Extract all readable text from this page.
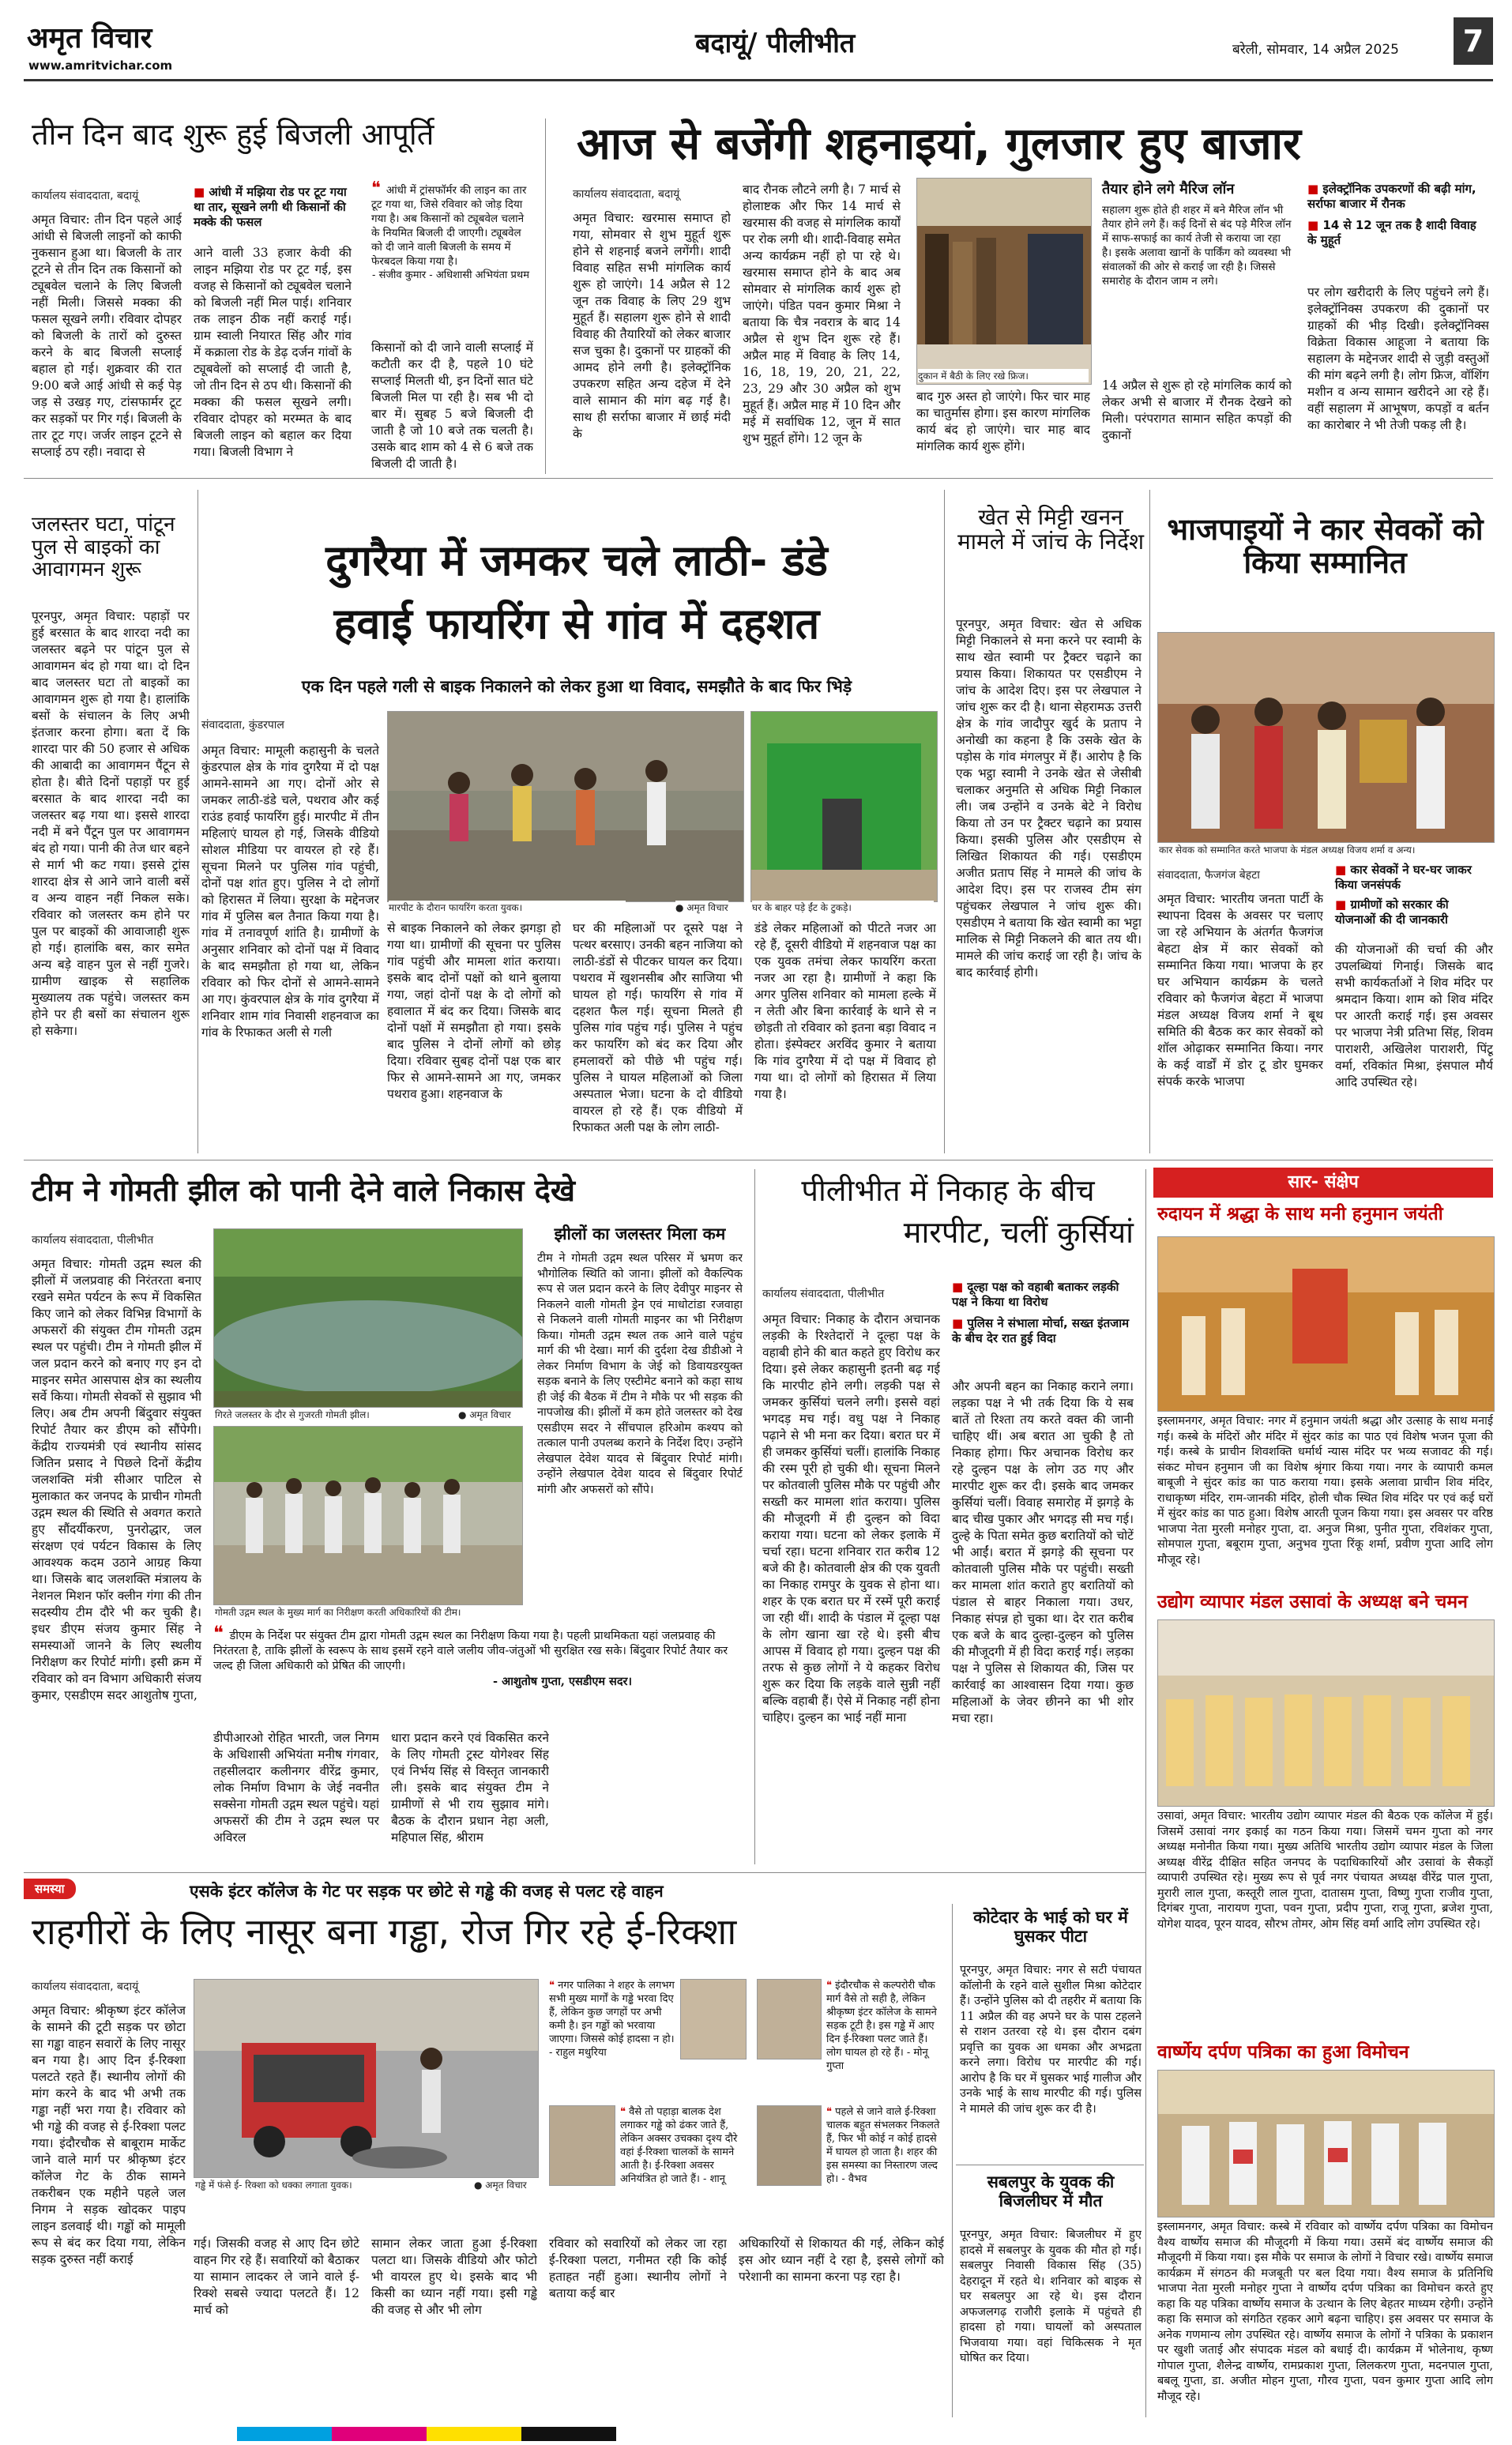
अमृत विचार
www.amritvichar.com
बदायूं/ पीलीभीत	बरेली, सोमवार, 14 अप्रैल 2025	7
तीन दिन बाद शुरू हुई बिजली आपूर्ति
कार्यालय संवाददाता, बदायूं
अमृत विचार: तीन दिन पहले आई आंधी से बिजली लाइनों को काफी नुकसान हुआ था। बिजली के तार टूटने से तीन दिन तक किसानों को ट्यूबवेल चलाने के लिए बिजली नहीं मिली। जिससे मक्का की फसल सूखने लगी। रविवार दोपहर को बिजली के तारों को दुरुस्त करने के बाद बिजली सप्लाई बहाल हो गई। शुक्रवार की रात 9:00 बजे आई आंधी से कई पेड़ जड़ से उखड़ गए, टांसफार्मर टूट कर सड़कों पर गिर गई। बिजली के तार टूट गए। जर्जर लाइन टूटने से सप्लाई ठप रही। नवादा से
■ आंधी में मझिया रोड पर टूट गया था तार, सूखने लगी थी किसानों की मक्के की फसल
आने वाली 33 हजार केवी की लाइन मझिया रोड पर टूट गई, इस वजह से किसानों को ट्यूबवेल चलाने को बिजली नहीं मिल पाई। शनिवार तक लाइन ठीक नहीं कराई गई। ग्राम स्वाली नियारत सिंह और गांव में कक्राला रोड के डेढ़ दर्जन गांवों के ट्यूबवेलों को सप्लाई दी जाती है, जो तीन दिन से ठप थी। किसानों की मक्का की फसल सूखने लगी। रविवार दोपहर को मरम्मत के बाद बिजली लाइन को बहाल कर दिया गया। बिजली विभाग ने
❝ आंधी में ट्रांसफॉर्मर की लाइन का तार टूट गया था, जिसे रविवार को जोड़ दिया गया है। अब किसानों को ट्यूबवेल चलाने के नियमित बिजली दी जाएगी। ट्यूबवेल को दी जाने वाली बिजली के समय में फेरबदल किया गया है।
- संजीव कुमार - अधिशासी अभियंता प्रथम
किसानों को दी जाने वाली सप्लाई में कटौती कर दी है, पहले 10 घंटे सप्लाई मिलती थी, इन दिनों सात घंटे बिजली मिल पा रही है। सब भी दो बार में। सुबह 5 बजे बिजली दी जाती है जो 10 बजे तक चलती है। उसके बाद शाम को 4 से 6 बजे तक बिजली दी जाती है।
आज से बजेंगी शहनाइयां, गुलजार हुए बाजार
कार्यालय संवाददाता, बदायूं
अमृत विचार: खरमास समाप्त हो गया, सोमवार से शुभ मुहूर्त शुरू होने से शहनाई बजने लगेंगी। शादी विवाह सहित सभी मांगलिक कार्य शुरू हो जाएंगे। 14 अप्रैल से 12 जून तक विवाह के लिए 29 शुभ मुहूर्त हैं। सहालग शुरू होने से शादी विवाह की तैयारियों को लेकर बाजार सज चुका है। दुकानों पर ग्राहकों की आमद होने लगी है। इलेक्ट्रॉनिक उपकरण सहित अन्य दहेज में देने वाले सामान की मांग बढ़ गई है। साथ ही सर्राफा बाजार में छाई मंदी के
बाद रौनक लौटने लगी है। 7 मार्च से होलाष्टक और फिर 14 मार्च से खरमास की वजह से मांगलिक कार्यों पर रोक लगी थी। शादी-विवाह समेत अन्य कार्यक्रम नहीं हो पा रहे थे। खरमास समाप्त होने के बाद अब सोमवार से मांगलिक कार्य शुरू हो जाएंगे। पंडित पवन कुमार मिश्रा ने बताया कि चैत्र नवरात्र के बाद 14 अप्रैल से शुभ दिन शुरू रहे हैं। अप्रैल माह में विवाह के लिए 14, 16, 18, 19, 20, 21, 22, 23, 29 और 30 अप्रैल को शुभ मुहूर्त हैं। अप्रैल माह में 10 दिन और मई में सर्वाधिक 12, जून में सात शुभ मुहूर्त होंगे। 12 जून के
दुकान में बैठी के लिए रखे फ्रिज।
बाद गुरु अस्त हो जाएंगे। फिर चार माह का चातुर्मास होगा। इस कारण मांगलिक कार्य बंद हो जाएंगे। चार माह बाद मांगलिक कार्य शुरू होंगे।
तैयार होने लगे मैरिज लॉन
सहालग शुरू होते ही शहर में बने मैरिज लॉन भी तैयार होने लगे हैं। कई दिनों से बंद पड़े मैरिज लॉन में साफ-सफाई का कार्य तेजी से कराया जा रहा है। इसके अलावा खानों के पार्किंग को व्यवस्था भी संवालकों की ओर से कराई जा रही है। जिससे समारोह के दौरान जाम न लगे।
14 अप्रैल से शुरू हो रहे मांगलिक कार्य को लेकर अभी से बाजार में रौनक देखने को मिली। परंपरागत सामान सहित कपड़ों की दुकानों
■ इलेक्ट्रॉनिक उपकरणों की बढ़ी मांग, सर्राफा बाजार में रौनक
■ 14 से 12 जून तक है शादी विवाह के मुहूर्त
पर लोग खरीदारी के लिए पहुंचने लगे हैं। इलेक्ट्रॉनिक्स उपकरण की दुकानों पर ग्राहकों की भीड़ दिखी। इलेक्ट्रॉनिक्स विक्रेता विकास आहूजा ने बताया कि सहालग के मद्देनजर शादी से जुड़ी वस्तुओं की मांग बढ़ने लगी है। लोग फ्रिज, वॉशिंग मशीन व अन्य सामान खरीदने आ रहे हैं। वहीं सहालग में आभूषण, कपड़ों व बर्तन का कारोबार ने भी तेजी पकड़ ली है।
जलस्तर घटा, पांटून पुल से बाइकों का आवागमन शुरू
पूरनपुर, अमृत विचार: पहाड़ों पर हुई बरसात के बाद शारदा नदी का जलस्तर बढ़ने पर पांटून पुल से आवागमन बंद हो गया था। दो दिन बाद जलस्तर घटा तो बाइकों का आवागमन शुरू हो गया है। हालांकि बसों के संचालन के लिए अभी इंतजार करना होगा। बता दें कि शारदा पार की 50 हजार से अधिक की आबादी का आवागमन पैंटून से होता है। बीते दिनों पहाड़ों पर हुई बरसात के बाद शारदा नदी का जलस्तर बढ़ गया था। इससे शारदा नदी में बने पैंटून पुल पर आवागमन बंद हो गया। पानी की तेज धार बहने से मार्ग भी कट गया। इससे ट्रांस शारदा क्षेत्र से आने जाने वाली बसें व अन्य वाहन नहीं निकल सके। रविवार को जलस्तर कम होने पर पुल पर बाइकों की आवाजाही शुरू हो गई। हालांकि बस, कार समेत अन्य बड़े वाहन पुल से नहीं गुजरे। ग्रामीण खाइक से सहालिक मुख्यालय तक पहुंचे। जलस्तर कम होने पर ही बसों का संचालन शुरू हो सकेगा।
दुगरैया में जमकर चले लाठी- डंडे
हवाई फायरिंग से गांव में दहशत
एक दिन पहले गली से बाइक निकालने को लेकर हुआ था विवाद, समझौते के बाद फिर भिड़े
संवाददाता, कुंडरपाल
अमृत विचार: मामूली कहासुनी के चलते कुंडरपाल क्षेत्र के गांव दुगरैया में दो पक्ष आमने-सामने आ गए। दोनों ओर से जमकर लाठी-डंडे चले, पथराव और कई राउंड हवाई फायरिंग हुई। मारपीट में तीन महिलाएं घायल हो गई, जिसके वीडियो सोशल मीडिया पर वायरल हो रहे हैं। सूचना मिलने पर पुलिस गांव पहुंची, दोनों पक्ष शांत हुए। पुलिस ने दो लोगों को हिरासत में लिया। सुरक्षा के मद्देनजर गांव में पुलिस बल तैनात किया गया है। गांव में तनावपूर्ण शांति है। ग्रामीणों के अनुसार शनिवार को दोनों पक्ष में विवाद के बाद समझौता हो गया था, लेकिन रविवार को फिर दोनों से आमने-सामने आ गए। कुंवरपाल क्षेत्र के गांव दुगरैया में शनिवार शाम गांव निवासी शहनवाज का गांव के रिफाकत अली से गली
मारपीट के दौरान फायरिंग करता युवक।	● अमृत विचार	घर के बाहर पड़े ईंट के टुकड़े।
से बाइक निकालने को लेकर झगड़ा हो गया था। ग्रामीणों की सूचना पर पुलिस गांव पहुंची और मामला शांत कराया। इसके बाद दोनों पक्षों को थाने बुलाया गया, जहां दोनों पक्ष के दो लोगों को हवालात में बंद कर दिया। जिसके बाद दोनों पक्षों में समझौता हो गया। इसके बाद पुलिस ने दोनों लोगों को छोड़ दिया। रविवार सुबह दोनों पक्ष एक बार फिर से आमने-सामने आ गए, जमकर पथराव हुआ। शहनवाज के
घर की महिलाओं पर दूसरे पक्ष ने पत्थर बरसाए। उनकी बहन नाजिया को लाठी-डंडों से पीटकर घायल कर दिया। पथराव में खुशनसीब और साजिया भी घायल हो गई। फायरिंग से गांव में दहशत फैल गई। सूचना मिलते ही पुलिस गांव पहुंच गई। पुलिस ने पहुंच कर फायरिंग को बंद कर दिया और हमलावरों को पीछे भी पहुंच गई। पुलिस ने घायल महिलाओं को जिला अस्पताल भेजा। घटना के दो वीडियो वायरल हो रहे हैं। एक वीडियो में रिफाकत अली पक्ष के लोग लाठी-
डंडे लेकर महिलाओं को पीटते नजर आ रहे हैं, दूसरी वीडियो में शहनवाज पक्ष का एक युवक तमंचा लेकर फायरिंग करता नजर आ रहा है। ग्रामीणों ने कहा कि अगर पुलिस शनिवार को मामला हल्के में न लेती और बिना कार्रवाई के थाने से न छोड़ती तो रविवार को इतना बड़ा विवाद न होता। इंस्पेक्टर अरविंद कुमार ने बताया कि गांव दुगरैया में दो पक्ष में विवाद हो गया था। दो लोगों को हिरासत में लिया गया है।
खेत से मिट्टी खनन मामले में जांच के निर्देश
पूरनपुर, अमृत विचार: खेत से अधिक मिट्टी निकालने से मना करने पर स्वामी के साथ खेत स्वामी पर ट्रैक्टर चढ़ाने का प्रयास किया। शिकायत पर एसडीएम ने जांच के आदेश दिए। इस पर लेखपाल ने जांच शुरू कर दी है। थाना सेहरामऊ उत्तरी क्षेत्र के गांव जादौपुर खुर्द के प्रताप ने अनोखी का कहना है कि उसके खेत के पड़ोस के गांव मंगलपुर में हैं। आरोप है कि एक भट्ठा स्वामी ने उनके खेत से जेसीबी चलाकर अनुमति से अधिक मिट्टी निकाल ली। जब उन्होंने व उनके बेटे ने विरोध किया तो उन पर ट्रैक्टर चढ़ाने का प्रयास किया। इसकी पुलिस और एसडीएम से लिखित शिकायत की गई। एसडीएम अजीत प्रताप सिंह ने मामले की जांच के आदेश दिए। इस पर राजस्व टीम संग पहुंचकर लेखपाल ने जांच शुरू की। एसडीएम ने बताया कि खेत स्वामी का भट्टा मालिक से मिट्टी निकलने की बात तय थी। मामले की जांच कराई जा रही है। जांच के बाद कार्रवाई होगी।
भाजपाइयों ने कार सेवकों को किया सम्मानित
कार सेवक को सम्मानित करते भाजपा के मंडल अध्यक्ष विजय शर्मा व अन्य।
संवाददाता, फैजगंज बेहटा
अमृत विचार: भारतीय जनता पार्टी के स्थापना दिवस के अवसर पर चलाए जा रहे अभियान के अंतर्गत फैजगंज बेहटा क्षेत्र में कार सेवकों को सम्मानित किया गया। भाजपा के हर घर अभियान कार्यक्रम के चलते रविवार को फैजगंज बेहटा में भाजपा मंडल अध्यक्ष विजय शर्मा ने बूथ समिति की बैठक कर कार सेवकों को शॉल ओढ़ाकर सम्मानित किया। नगर के कई वार्डों में डोर टू डोर घुमकर संपर्क करके भाजपा
■ कार सेवकों ने घर-घर जाकर किया जनसंपर्क
■ ग्रामीणों को सरकार की योजनाओं की दी जानकारी
की योजनाओं की चर्चा की और उपलब्धियां गिनाई। जिसके बाद सभी कार्यकर्ताओं ने शिव मंदिर पर श्रमदान किया। शाम को शिव मंदिर पर आरती कराई गई। इस अवसर पर भाजपा नेत्री प्रतिभा सिंह, शिवम पाराशरी, अखिलेश पाराशरी, पिंटू वर्मा, रविकांत मिश्रा, इंसपाल मौर्य आदि उपस्थित रहे।
टीम ने गोमती झील को पानी देने वाले निकास देखे
कार्यालय संवाददाता, पीलीभीत
अमृत विचार: गोमती उद्गम स्थल की झीलों में जलप्रवाह की निरंतरता बनाए रखने समेत पर्यटन के रूप में विकसित किए जाने को लेकर विभिन्न विभागों के अफसरों की संयुक्त टीम गोमती उद्गम स्थल पर पहुंची। टीम ने गोमती झील में जल प्रदान करने को बनाए गए इन दो माइनर समेत आसपास क्षेत्र का स्थलीय सर्वे किया। गोमती सेवकों से सुझाव भी लिए। अब टीम अपनी बिंदुवार संयुक्त रिपोर्ट तैयार कर डीएम को सौंपेगी। केंद्रीय राज्यमंत्री एवं स्थानीय सांसद जितिन प्रसाद ने पिछले दिनों केंद्रीय जलशक्ति मंत्री सीआर पाटिल से मुलाकात कर जनपद के प्राचीन गोमती उद्गम स्थल की स्थिति से अवगत कराते हुए सौंदर्यीकरण, पुनरोद्धार, जल संरक्षण एवं पर्यटन विकास के लिए आवश्यक कदम उठाने आग्रह किया था। जिसके बाद जलशक्ति मंत्रालय के नेशनल मिशन फॉर क्लीन गंगा की तीन सदस्यीय टीम दौरे भी कर चुकी है। इधर डीएम संजय कुमार सिंह ने समस्याओं जानने के लिए स्थलीय निरीक्षण कर रिपोर्ट मांगी। इसी क्रम में रविवार को वन विभाग अधिकारी संजय कुमार, एसडीएम सदर आशुतोष गुप्ता,
गिरते जलस्तर के दौर से गुजरती गोमती झील।	● अमृत विचार
गोमती उद्गम स्थल के मुख्य मार्ग का निरीक्षण करती अधिकारियों की टीम।
झीलों का जलस्तर मिला कम
टीम ने गोमती उद्गम स्थल परिसर में भ्रमण कर भौगोलिक स्थिति को जाना। झीलों को वैकल्पिक रूप से जल प्रदान करने के लिए देवीपुर माइनर से निकलने वाली गोमती ड्रेन एवं माधोटांडा रजवाहा से निकलने वाली गोमती माइनर का भी निरीक्षण किया। गोमती उद्गम स्थल तक आने वाले पहुंच मार्ग की भी देखा। मार्ग की दुर्दशा देख डीडीओ ने लेकर निर्माण विभाग के जेई को डिवायडरयुक्त सड़क बनाने के लिए एस्टीमेट बनाने को कहा साथ ही जेई की बैठक में टीम ने मौके पर भी सड़क की नापजोख की। झीलों में कम होते जलस्तर को देख एसडीएम सदर ने सींचपाल हरिओम कश्यप को तत्काल पानी उपलब्ध कराने के निर्देश दिए। उन्होंने लेखपाल देवेश यादव से बिंदुवार रिपोर्ट मांगी। उन्होंने लेखपाल देवेश यादव से बिंदुवार रिपोर्ट मांगी और अफसरों को सौंपे।
❝ डीएम के निर्देश पर संयुक्त टीम द्वारा गोमती उद्गम स्थल का निरीक्षण किया गया है। पहली प्राथमिकता यहां जलप्रवाह की निरंतरता है, ताकि झीलों के स्वरूप के साथ इसमें रहने वाले जलीय जीव-जंतुओं भी सुरक्षित रख सके। बिंदुवार रिपोर्ट तैयार कर जल्द ही जिला अधिकारी को प्रेषित की जाएगी।
- आशुतोष गुप्ता, एसडीएम सदर।
डीपीआरओ रोहित भारती, जल निगम के अधिशासी अभियंता मनीष गंगवार, तहसीलदार कलीनगर वीरेंद्र कुमार, लोक निर्माण विभाग के जेई नवनीत सक्सेना गोमती उद्गम स्थल पहुंचे। यहां अफसरों की टीम ने उद्गम स्थल पर अविरल
धारा प्रदान करने एवं विकसित करने के लिए गोमती ट्रस्ट योगेश्वर सिंह एवं निर्भय सिंह से विस्तृत जानकारी ली। इसके बाद संयुक्त टीम ने ग्रामीणों से भी राय सुझाव मांगे। बैठक के दौरान प्रधान नेहा अली, महिपाल सिंह, श्रीराम
पीलीभीत में निकाह के बीच
मारपीट, चलीं कुर्सियां
कार्यालय संवाददाता, पीलीभीत
अमृत विचार: निकाह के दौरान अचानक लड़की के रिश्तेदारों ने दूल्हा पक्ष के वहाबी होने की बात कहते हुए विरोध कर दिया। इसे लेकर कहासुनी इतनी बढ़ गई कि मारपीट होने लगी। लड़की पक्ष से जमकर कुर्सियां चलने लगी। इससे वहां भगदड़ मच गई। वधु पक्ष ने निकाह पढ़ाने से भी मना कर दिया। बरात घर में ही जमकर कुर्सियां चलीं। हालांकि निकाह की रस्म पूरी हो चुकी थी। सूचना मिलने पर कोतवाली पुलिस मौके पर पहुंची और सख्ती कर मामला शांत कराया। पुलिस की मौजूदगी में ही दुल्हन को विदा कराया गया। घटना को लेकर इलाके में चर्चा रहा। घटना शनिवार रात करीब 12 बजे की है। कोतवाली क्षेत्र की एक युवती का निकाह रामपुर के युवक से होना था। शहर के एक बरात घर में रस्में पूरी कराई जा रही थीं। शादी के पंडाल में दूल्हा पक्ष के लोग खाना खा रहे थे। इसी बीच आपस में विवाद हो गया। दुल्हन पक्ष की तरफ से कुछ लोगों ने ये कहकर विरोध शुरू कर दिया कि लड़के वाले सुन्नी नहीं बल्कि वहाबी हैं। ऐसे में निकाह नहीं होना चाहिए। दुल्हन का भाई नहीं माना
■ दूल्हा पक्ष को वहाबी बताकर लड़की पक्ष ने किया था विरोध
■ पुलिस ने संभाला मोर्चा, सख्त इंतजाम के बीच देर रात हुई विदा
और अपनी बहन का निकाह कराने लगा। लड़का पक्ष ने भी तर्क दिया कि ये सब बातें तो रिश्ता तय करते वक्त की जानी चाहिए थीं। अब बरात आ चुकी है तो निकाह होगा। फिर अचानक विरोध कर रहे दुल्हन पक्ष के लोग उठ गए और मारपीट शुरू कर दी। इसके बाद जमकर कुर्सियां चलीं। विवाह समारोह में झगड़े के बाद चीख पुकार और भगदड़ सी मच गई। दुल्हे के पिता समेत कुछ बरातियों को चोटें भी आईं। बरात में झगड़े की सूचना पर कोतवाली पुलिस मौके पर पहुंची। सख्ती कर मामला शांत कराते हुए बरातियों को पंडाल से बाहर निकाला गया। उधर, निकाह संपन्न हो चुका था। देर रात करीब एक बजे के बाद दुल्हा-दुल्हन को पुलिस की मौजूदगी में ही विदा कराई गई। लड़का पक्ष ने पुलिस से शिकायत की, जिस पर कार्रवाई का आश्वासन दिया गया। कुछ महिलाओं के जेवर छीनने का भी शोर मचा रहा।
सार- संक्षेप
रुदायन में श्रद्धा के साथ मनी हनुमान जयंती
इस्लामनगर, अमृत विचार: नगर में हनुमान जयंती श्रद्धा और उत्साह के साथ मनाई गई। कस्बे के मंदिरों और मंदिर में सुंदर कांड का पाठ एवं विशेष भजन पूजा की गई। कस्बे के प्राचीन शिवशक्ति धर्मार्थ न्यास मंदिर पर भव्य सजावट की गई। संकट मोचन हनुमान जी का विशेष श्रृंगार किया गया। नगर के व्यापारी कमल बाबूजी ने सुंदर कांड का पाठ कराया गया। इसके अलावा प्राचीन शिव मंदिर, राधाकृष्ण मंदिर, राम-जानकी मंदिर, होली चौक स्थित शिव मंदिर पर एवं कई घरों में सुंदर कांड का पाठ हुआ। विशेष आरती पूजन किया गया। इस अवसर पर वरिष्ठ भाजपा नेता मुरली मनोहर गुप्ता, दा. अनुज मिश्रा, पुनीत गुप्ता, रविशंकर गुप्ता, सोमपाल गुप्ता, बबूराम गुप्ता, अनुभव गुप्ता रिंकू शर्मा, प्रवीण गुप्ता आदि लोग मौजूद रहे।
उद्योग व्यापार मंडल उसावां के अध्यक्ष बने चमन
उसावां, अमृत विचार: भारतीय उद्योग व्यापार मंडल की बैठक एक कॉलेज में हुई। जिसमें उसावां नगर इकाई का गठन किया गया। जिसमें चमन गुप्ता को नगर अध्यक्ष मनोनीत किया गया। मुख्य अतिथि भारतीय उद्योग व्यापार मंडल के जिला अध्यक्ष वीरेंद्र दीक्षित सहित जनपद के पदाधिकारियों और उसावां के सैकड़ों व्यापारी उपस्थित रहे। मुख्य रूप से पूर्व नगर पंचायत अध्यक्ष वीरेंद्र पाल गुप्ता, मुरारी लाल गुप्ता, कस्तूरी लाल गुप्ता, दातासम गुप्ता, विष्णु गुप्ता राजीव गुप्ता, दिगंबर गुप्ता, नारायण गुप्ता, पवन गुप्ता, प्रदीप गुप्ता, राजू गुप्ता, ब्रजेश गुप्ता, योगेश यादव, पूरन यादव, सौरभ तोमर, ओम सिंह वर्मा आदि लोग उपस्थित रहे।
वार्ष्णेय दर्पण पत्रिका का हुआ विमोचन
इस्लामनगर, अमृत विचार: कस्बे में रविवार को वार्ष्णेय दर्पण पत्रिका का विमोचन वैश्य वार्ष्णेय समाज की मौजूदगी में किया गया। उसमें बंद वार्ष्णेय समाज की मौजूदगी में किया गया। इस मौके पर समाज के लोगों ने विचार रखे। वार्ष्णेय समाज कार्यक्रम में संगठन की मजबूती पर बल दिया गया। वैश्य समाज के प्रतिनिधि भाजपा नेता मुरली मनोहर गुप्ता ने वार्ष्णेय दर्पण पत्रिका का विमोचन करते हुए कहा कि यह पत्रिका वार्ष्णेय समाज के उत्थान के लिए बेहतर माध्यम रहेगी। उन्होंने कहा कि समाज को संगठित रहकर आगे बढ़ना चाहिए। इस अवसर पर समाज के अनेक गणमान्य लोग उपस्थित रहे। वार्ष्णेय समाज के लोगों ने पत्रिका के प्रकाशन पर खुशी जताई और संपादक मंडल को बधाई दी। कार्यक्रम में भोलेनाथ, कृष्ण गोपाल गुप्ता, शैलेन्द्र वार्ष्णेय, रामप्रकाश गुप्ता, लिलकरण गुप्ता, मदनपाल गुप्ता, बबलू गुप्ता, डा. अजीत मोहन गुप्ता, गौरव गुप्ता, पवन कुमार गुप्ता आदि लोग मौजूद रहे।
समस्या	एसके इंटर कॉलेज के गेट पर सड़क पर छोटे से गड्ढे की वजह से पलट रहे वाहन
राहगीरों के लिए नासूर बना गड्ढा, रोज गिर रहे ई-रिक्शा
कार्यालय संवाददाता, बदायूं
अमृत विचार: श्रीकृष्ण इंटर कॉलेज के सामने की टूटी सड़क पर छोटा सा गड्ढा वाहन सवारों के लिए नासूर बन गया है। आए दिन ई-रिक्शा पलटते रहते हैं। स्थानीय लोगों की मांग करने के बाद भी अभी तक गड्ढा नहीं भरा गया है। रविवार को भी गड्ढे की वजह से ई-रिक्शा पलट गया। इंदौरचौक से बाबूराम मार्केट जाने वाले मार्ग पर श्रीकृष्ण इंटर कॉलेज गेट के ठीक सामने तकरीबन एक महीने पहले जल निगम ने सड़क खोदकर पाइप लाइन डलवाई थी। गड्ढों को मामूली रूप से बंद कर दिया गया, लेकिन सड़क दुरुस्त नहीं कराई
गड्ढे में फंसे ई- रिक्शा को धक्का लगाता युवक।	● अमृत विचार
❝ नगर पालिका ने शहर के लगभग सभी मुख्य मार्गों के गड्ढे भरवा दिए हैं, लेकिन कुछ जगहों पर अभी कमी है। इन गड्ढों को भरवाया जाएगा। जिससे कोई हादसा न हो। - राहुल मथुरिया
❝ वैसे तो पहाड़ा बालक देश लगाकर गड्ढे को ढंकर जाते हैं, लेकिन अक्सर उचक्का दृश्य दौरे वहां ई-रिक्शा चालकों के सामने आती है। ई-रिक्शा अवसर अनियंत्रित हो जाते हैं। - शानू
❝ इंदौरचौक से कल्परोरी चौक मार्ग वैसे तो सही है, लेकिन श्रीकृष्ण इंटर कॉलेज के सामने सड़क टूटी है। इस गड्ढे में आए दिन ई-रिक्शा पलट जाते हैं। लोग घायल हो रहे हैं। - मोनू गुप्ता
❝ पहले से जाने वाले ई-रिक्शा चालक बहुत संभलकर निकलते हैं, फिर भी कोई न कोई हादसे में घायल हो जाता है। शहर की इस समस्या का निस्तारण जल्द हो। - वैभव
गई। जिसकी वजह से आए दिन छोटे वाहन गिर रहे हैं। सवारियों को बैठाकर या सामान लादकर ले जाने वाले ई-रिक्शे सबसे ज्यादा पलटते हैं। 12 मार्च को
सामान लेकर जाता हुआ ई-रिक्शा पलटा था। जिसके वीडियो और फोटो भी वायरल हुए थे। इसके बाद भी किसी का ध्यान नहीं गया। इसी गड्ढे की वजह से और भी लोग
रविवार को सवारियों को लेकर जा रहा ई-रिक्शा पलटा, गनीमत रही कि कोई हताहत नहीं हुआ। स्थानीय लोगों ने बताया कई बार
अधिकारियों से शिकायत की गई, लेकिन कोई इस ओर ध्यान नहीं दे रहा है, इससे लोगों को परेशानी का सामना करना पड़ रहा है।
कोटेदार के भाई को घर में घुसकर पीटा
पूरनपुर, अमृत विचार: नगर से सटी पंचायत कॉलोनी के रहने वाले सुशील मिश्रा कोटेदार हैं। उन्होंने पुलिस को दी तहरीर में बताया कि 11 अप्रैल की वह अपने घर के पास टहलने से राशन उतरवा रहे थे। इस दौरान दबंग प्रवृत्ति का युवक आ धमका और अभद्रता करने लगा। विरोध पर मारपीट की गई। आरोप है कि घर में घुसकर भाई गालीज और उनके भाई के साथ मारपीट की गई। पुलिस ने मामले की जांच शुरू कर दी है।
सबलपुर के युवक की बिजलीघर में मौत
पूरनपुर, अमृत विचार: बिजलीघर में हुए हादसे में सबलपुर के युवक की मौत हो गई। सबलपुर निवासी विकास सिंह (35) देहरादून में रहते थे। शनिवार को बाइक से घर सबलपुर आ रहे थे। इस दौरान अफजलगढ़ राजौरी इलाके में पहुंचते ही हादसा हो गया। घायलों को अस्पताल भिजवाया गया। वहां चिकित्सक ने मृत घोषित कर दिया।
